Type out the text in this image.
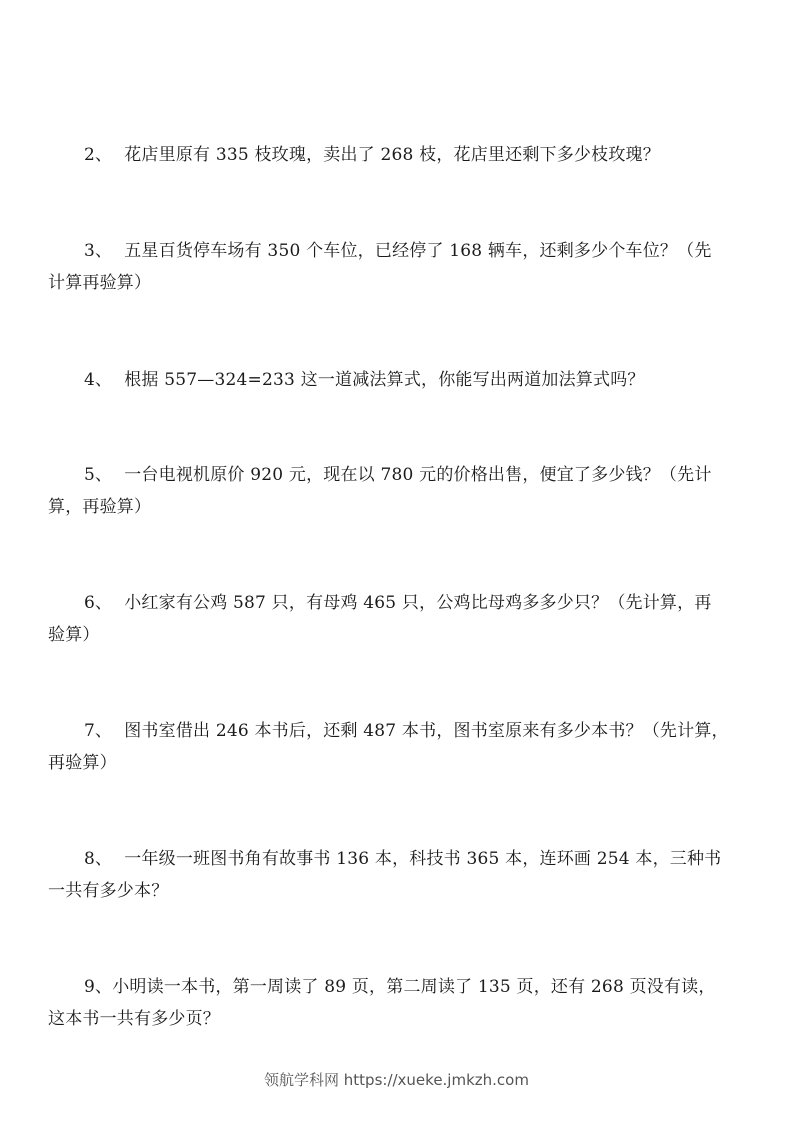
2、 花店里原有 335 枝玫瑰，卖出了 268 枝，花店里还剩下多少枝玫瑰？
3、 五星百货停车场有 350 个车位，已经停了 168 辆车，还剩多少个车位？（先
计算再验算）
4、 根据 557—324=233 这一道减法算式，你能写出两道加法算式吗？
5、 一台电视机原价 920 元，现在以 780 元的价格出售，便宜了多少钱？（先计
算，再验算）
6、 小红家有公鸡 587 只，有母鸡 465 只，公鸡比母鸡多多少只？（先计算，再
验算）
7、 图书室借出 246 本书后，还剩 487 本书，图书室原来有多少本书？（先计算，
再验算）
8、 一年级一班图书角有故事书 136 本，科技书 365 本，连环画 254 本，三种书
一共有多少本？
9、小明读一本书，第一周读了 89 页，第二周读了 135 页，还有 268 页没有读，
这本书一共有多少页？
领航学科网 https://xueke.jmkzh.com
